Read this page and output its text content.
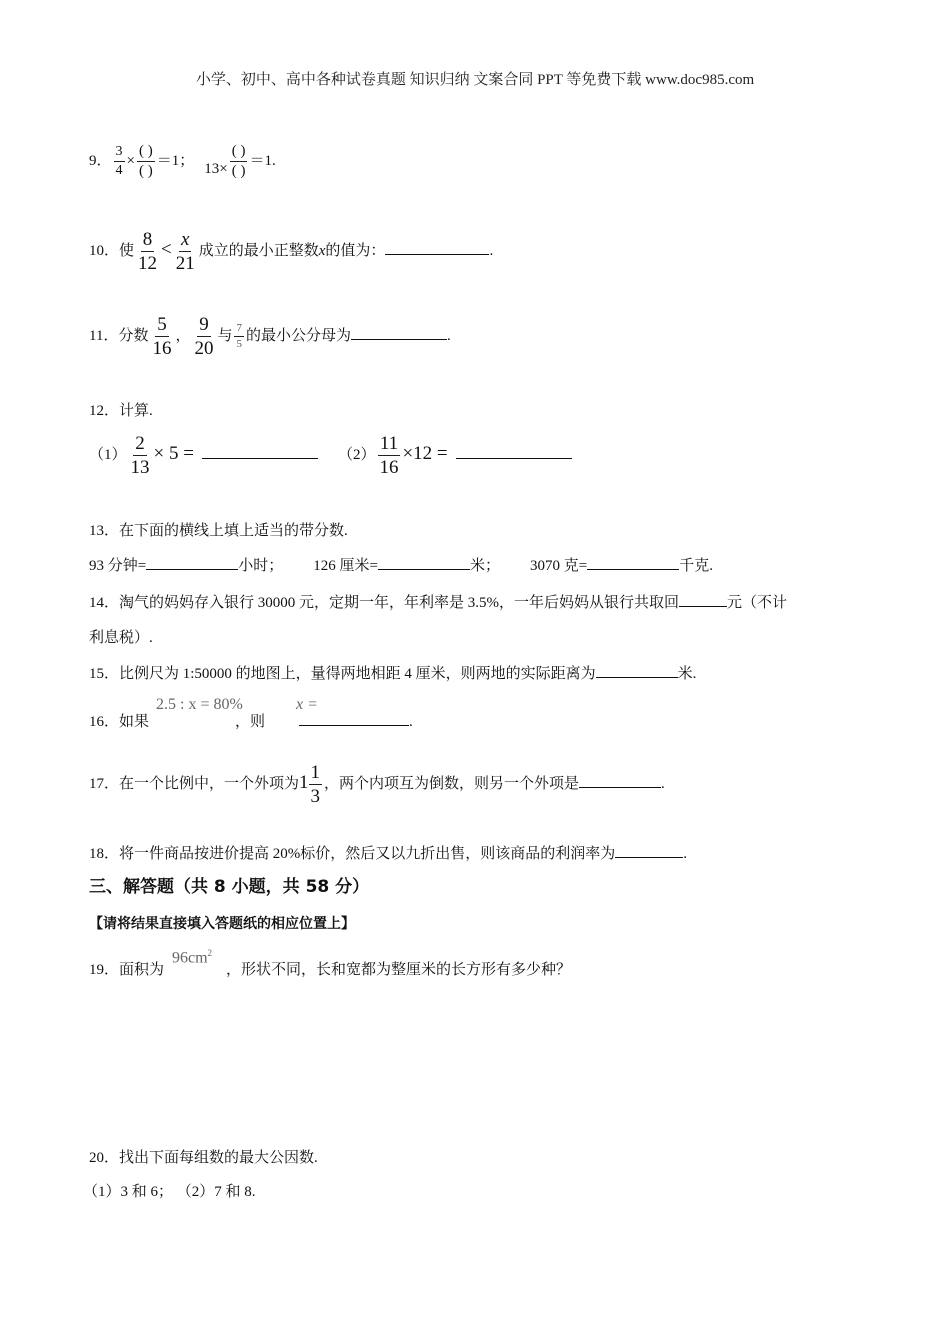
小学、初中、高中各种试卷真题 知识归纳 文案合同 PPT 等免费下载 www.doc985.com
9． $\frac{3}{4} \times \frac{( )}{( )} =1$； $13\times \frac{( )}{( )} =1$.
10．使 $\frac{8}{12} < \frac{x}{21}$ 成立的最小正整数x的值为：	.
11．分数 $\frac{5}{16}$ ， $\frac{9}{20}$ 与 $\frac{7}{5}$ 的最小公分母为	.
12．计算.
$(1) \frac{2}{13} \times 5$ =	$(2) \frac{11}{16} \times 12$ =
13．在下面的横线上填上适当的带分数.
93 分钟=	小时； 126 厘米=	米； 3070 克=	千克.
14．淘气的妈妈存入银行 30000 元，定期一年，年利率是 3.5%，一年后妈妈从银行共取回	元（不计
利息税）.
15．比例尺为 1:50000 的地图上，量得两地相距 4 厘米，则两地的实际距离为	米.
16．如果	，则	.
2.5 : x = 80%	x =
17．在一个比例中，一个外项为$1 \frac{1}{3}$ ，两个内项互为倒数，则另一个外项是	.
18．将一件商品按进价提高 20%标价，然后又以九折出售，则该商品的利润率为	.
三、解答题（共 8 小题，共 58 分）
【请将结果直接填入答题纸的相应位置上】
19．面积为	，形状不同，长和宽都为整厘米的长方形有多少种？
$96cm^2$
20．找出下面每组数的最大公因数.
（1）3 和 6； （2）7 和 8.
